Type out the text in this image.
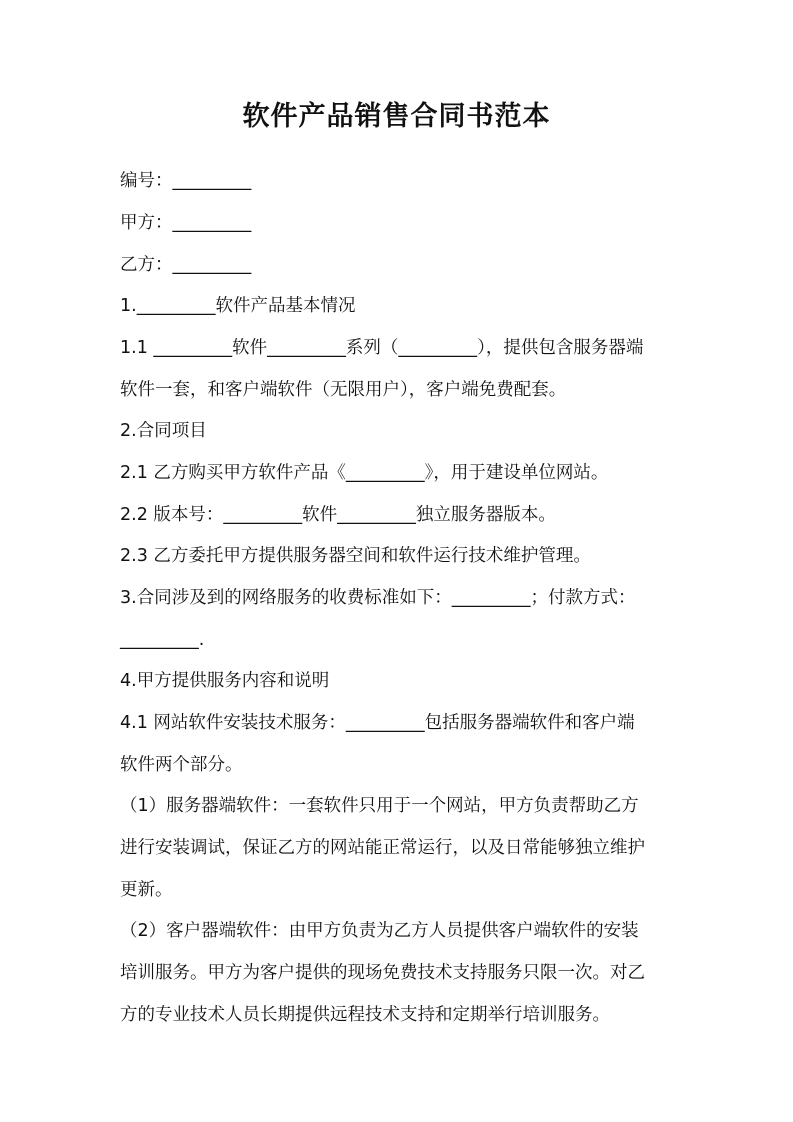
软件产品销售合同书范本
编号：_________
甲方：_________
乙方：_________
1._________软件产品基本情况
1.1 _________软件_________系列（_________），提供包含服务器端
软件一套，和客户端软件（无限用户），客户端免费配套。
2.合同项目
2.1 乙方购买甲方软件产品《_________》，用于建设单位网站。
2.2 版本号：_________软件_________独立服务器版本。
2.3 乙方委托甲方提供服务器空间和软件运行技术维护管理。
3.合同涉及到的网络服务的收费标准如下：_________；付款方式：
_________.
4.甲方提供服务内容和说明
4.1 网站软件安装技术服务：_________包括服务器端软件和客户端
软件两个部分。
（1）服务器端软件：一套软件只用于一个网站，甲方负责帮助乙方
进行安装调试，保证乙方的网站能正常运行，以及日常能够独立维护
更新。
（2）客户器端软件：由甲方负责为乙方人员提供客户端软件的安装
培训服务。甲方为客户提供的现场免费技术支持服务只限一次。对乙
方的专业技术人员长期提供远程技术支持和定期举行培训服务。
